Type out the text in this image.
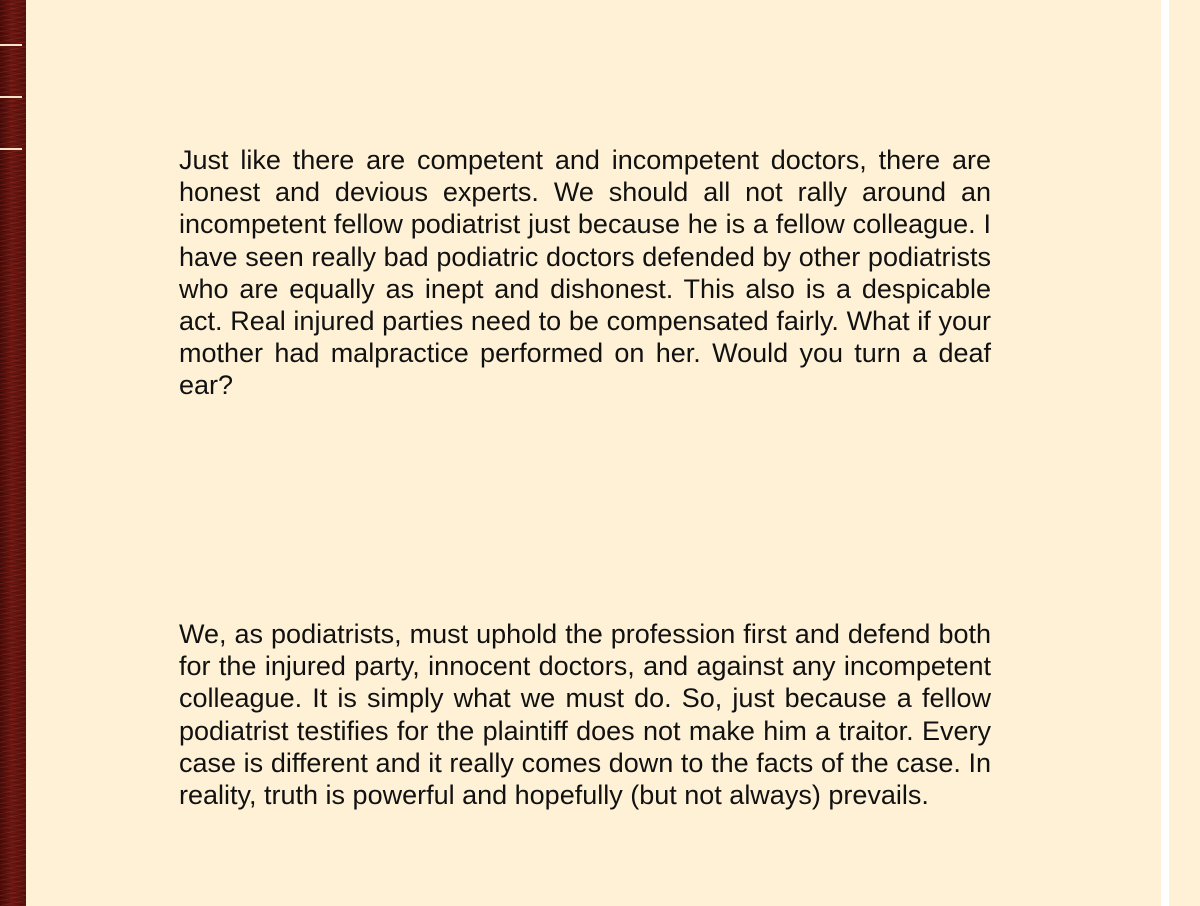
Just like there are competent and incompetent doctors, there are honest and devious experts. We should all not rally around an incompetent fellow podiatrist just because he is a fellow colleague. I have seen really bad podiatric doctors defended by other podiatrists who are equally as inept and dishonest. This also is a despicable act. Real injured parties need to be compensated fairly. What if your mother had malpractice performed on her. Would you turn a deaf ear?

We, as podiatrists, must uphold the profession first and defend both for the injured party, innocent doctors, and against any incompetent colleague. It is simply what we must do. So, just because a fellow podiatrist testifies for the plaintiff does not make him a traitor. Every case is different and it really comes down to the facts of the case. In reality, truth is powerful and hopefully (but not always) prevails.
